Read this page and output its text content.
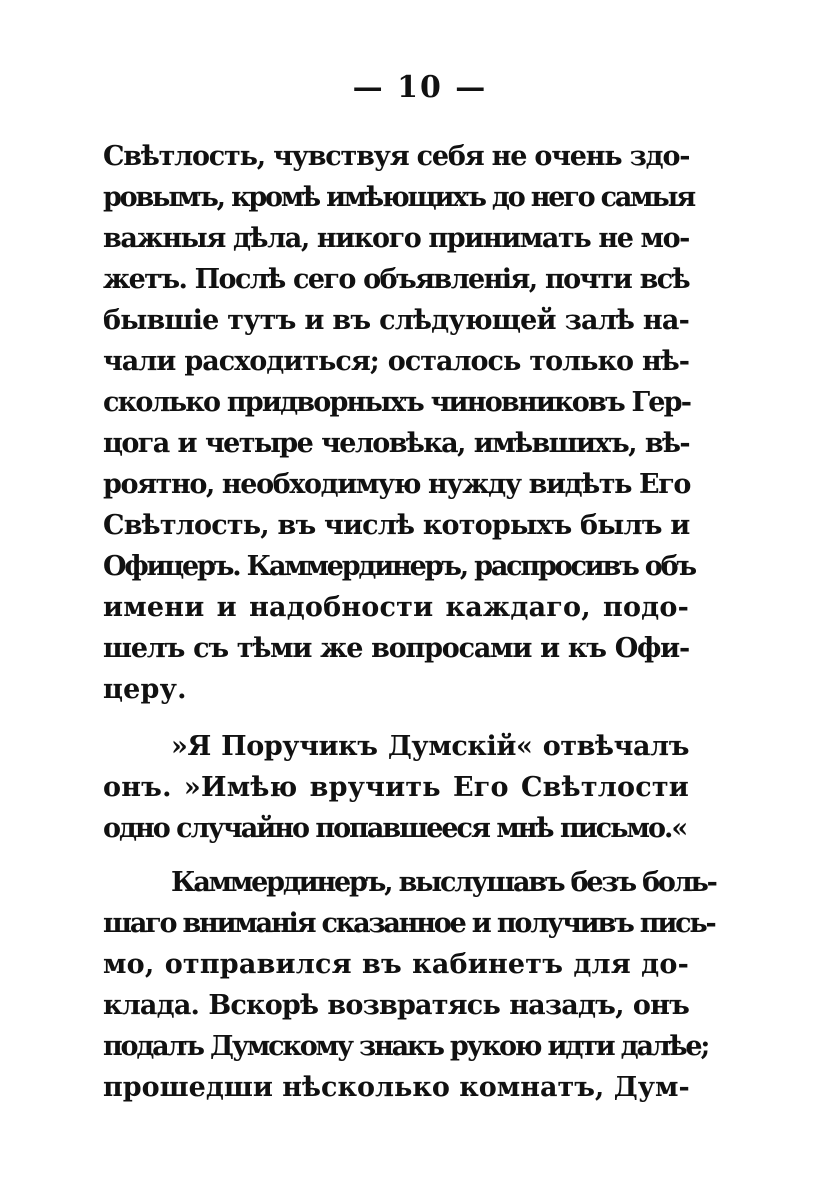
— 10 —
Свѣтлость, чувствуя себя не очень здо-
ровымъ, кромѣ имѣющихъ до него самыя
важныя дѣла, никого принимать не мо-
жетъ. Послѣ сего объявленія, почти всѣ
бывшіе тутъ и въ слѣдующей залѣ на-
чали расходиться; осталось только нѣ-
сколько придворныхъ чиновниковъ Гер-
цога и четыре человѣка, имѣвшихъ, вѣ-
роятно, необходимую нужду видѣть Его
Свѣтлость, въ числѣ которыхъ былъ и
Офицеръ. Каммердинеръ, распросивъ объ
имени и надобности каждаго, подо-
шелъ съ тѣми же вопросами и къ Офи-
церу.
»Я Поручикъ Думскій« отвѣчалъ
онъ. »Имѣю вручить Его Свѣтлости
одно случайно попавшееся мнѣ письмо.«
Каммердинеръ, выслушавъ безъ боль-
шаго вниманія сказанное и получивъ пись-
мо, отправился въ кабинетъ для до-
клада. Вскорѣ возвратясь назадъ, онъ
подалъ Думскому знакъ рукою идти далѣе;
прошедши нѣсколько комнатъ, Дум-
